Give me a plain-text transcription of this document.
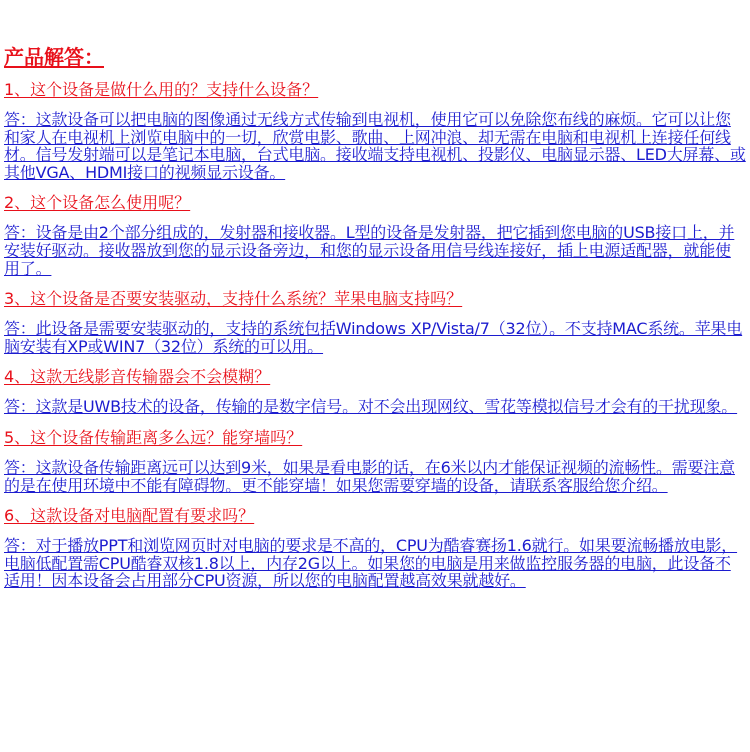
产品解答：
1、这个设备是做什么用的？支持什么设备？
答：这款设备可以把电脑的图像通过无线方式传输到电视机，使用它可以免除您布线的麻烦。它可以让您和家人在电视机上浏览电脑中的一切，欣赏电影、歌曲、上网冲浪、却无需在电脑和电视机上连接任何线材。信号发射端可以是笔记本电脑，台式电脑。接收端支持电视机、投影仪、电脑显示器、LED大屏幕、或其他VGA、HDMI接口的视频显示设备。
2、这个设备怎么使用呢？
答：设备是由2个部分组成的，发射器和接收器。L型的设备是发射器，把它插到您电脑的USB接口上，并安装好驱动。接收器放到您的显示设备旁边，和您的显示设备用信号线连接好，插上电源适配器，就能使用了。
3、这个设备是否要安装驱动，支持什么系统？苹果电脑支持吗？
答：此设备是需要安装驱动的，支持的系统包括Windows XP/Vista/7（32位）。不支持MAC系统。苹果电脑安装有XP或WIN7（32位）系统的可以用。
4、这款无线影音传输器会不会模糊？
答：这款是UWB技术的设备，传输的是数字信号。对不会出现网纹、雪花等模拟信号才会有的干扰现象。
5、这个设备传输距离多么远？能穿墙吗？
答：这款设备传输距离远可以达到9米，如果是看电影的话，在6米以内才能保证视频的流畅性。需要注意的是在使用环境中不能有障碍物。更不能穿墙！如果您需要穿墙的设备，请联系客服给您介绍。
6、这款设备对电脑配置有要求吗？
答：对于播放PPT和浏览网页时对电脑的要求是不高的，CPU为酷睿赛扬1.6就行。如果要流畅播放电影，电脑低配置需CPU酷睿双核1.8以上，内存2G以上。如果您的电脑是用来做监控服务器的电脑，此设备不适用！因本设备会占用部分CPU资源，所以您的电脑配置越高效果就越好。
